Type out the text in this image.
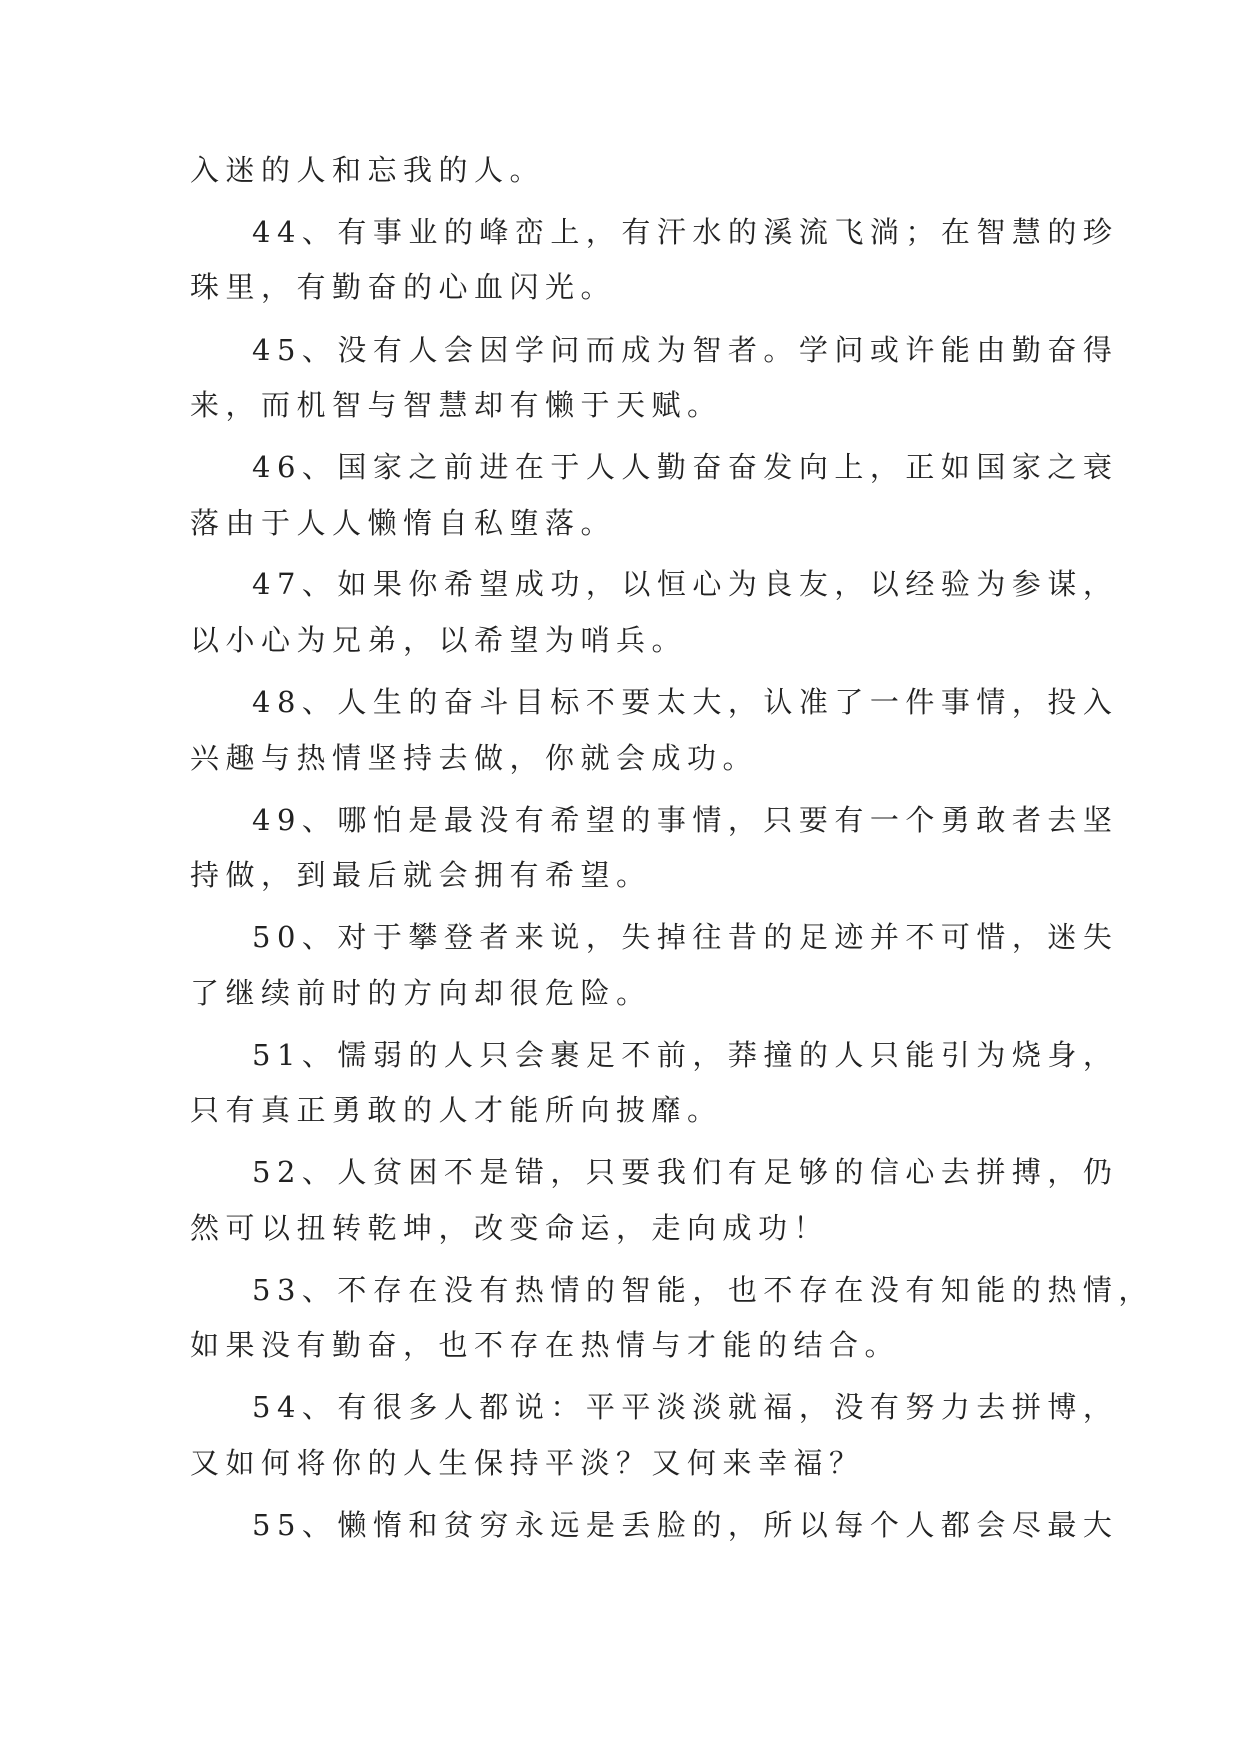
入迷的人和忘我的人。
44、有事业的峰峦上，有汗水的溪流飞淌；在智慧的珍
珠里，有勤奋的心血闪光。
45、没有人会因学问而成为智者。学问或许能由勤奋得
来，而机智与智慧却有懒于天赋。
46、国家之前进在于人人勤奋奋发向上，正如国家之衰
落由于人人懒惰自私堕落。
47、如果你希望成功，以恒心为良友，以经验为参谋，
以小心为兄弟，以希望为哨兵。
48、人生的奋斗目标不要太大，认准了一件事情，投入
兴趣与热情坚持去做，你就会成功。
49、哪怕是最没有希望的事情，只要有一个勇敢者去坚
持做，到最后就会拥有希望。
50、对于攀登者来说，失掉往昔的足迹并不可惜，迷失
了继续前时的方向却很危险。
51、懦弱的人只会裹足不前，莽撞的人只能引为烧身，
只有真正勇敢的人才能所向披靡。
52、人贫困不是错，只要我们有足够的信心去拼搏，仍
然可以扭转乾坤，改变命运，走向成功！
53、不存在没有热情的智能，也不存在没有知能的热情，
如果没有勤奋，也不存在热情与才能的结合。
54、有很多人都说：平平淡淡就福，没有努力去拼博，
又如何将你的人生保持平淡？又何来幸福？
55、懒惰和贫穷永远是丢脸的，所以每个人都会尽最大
